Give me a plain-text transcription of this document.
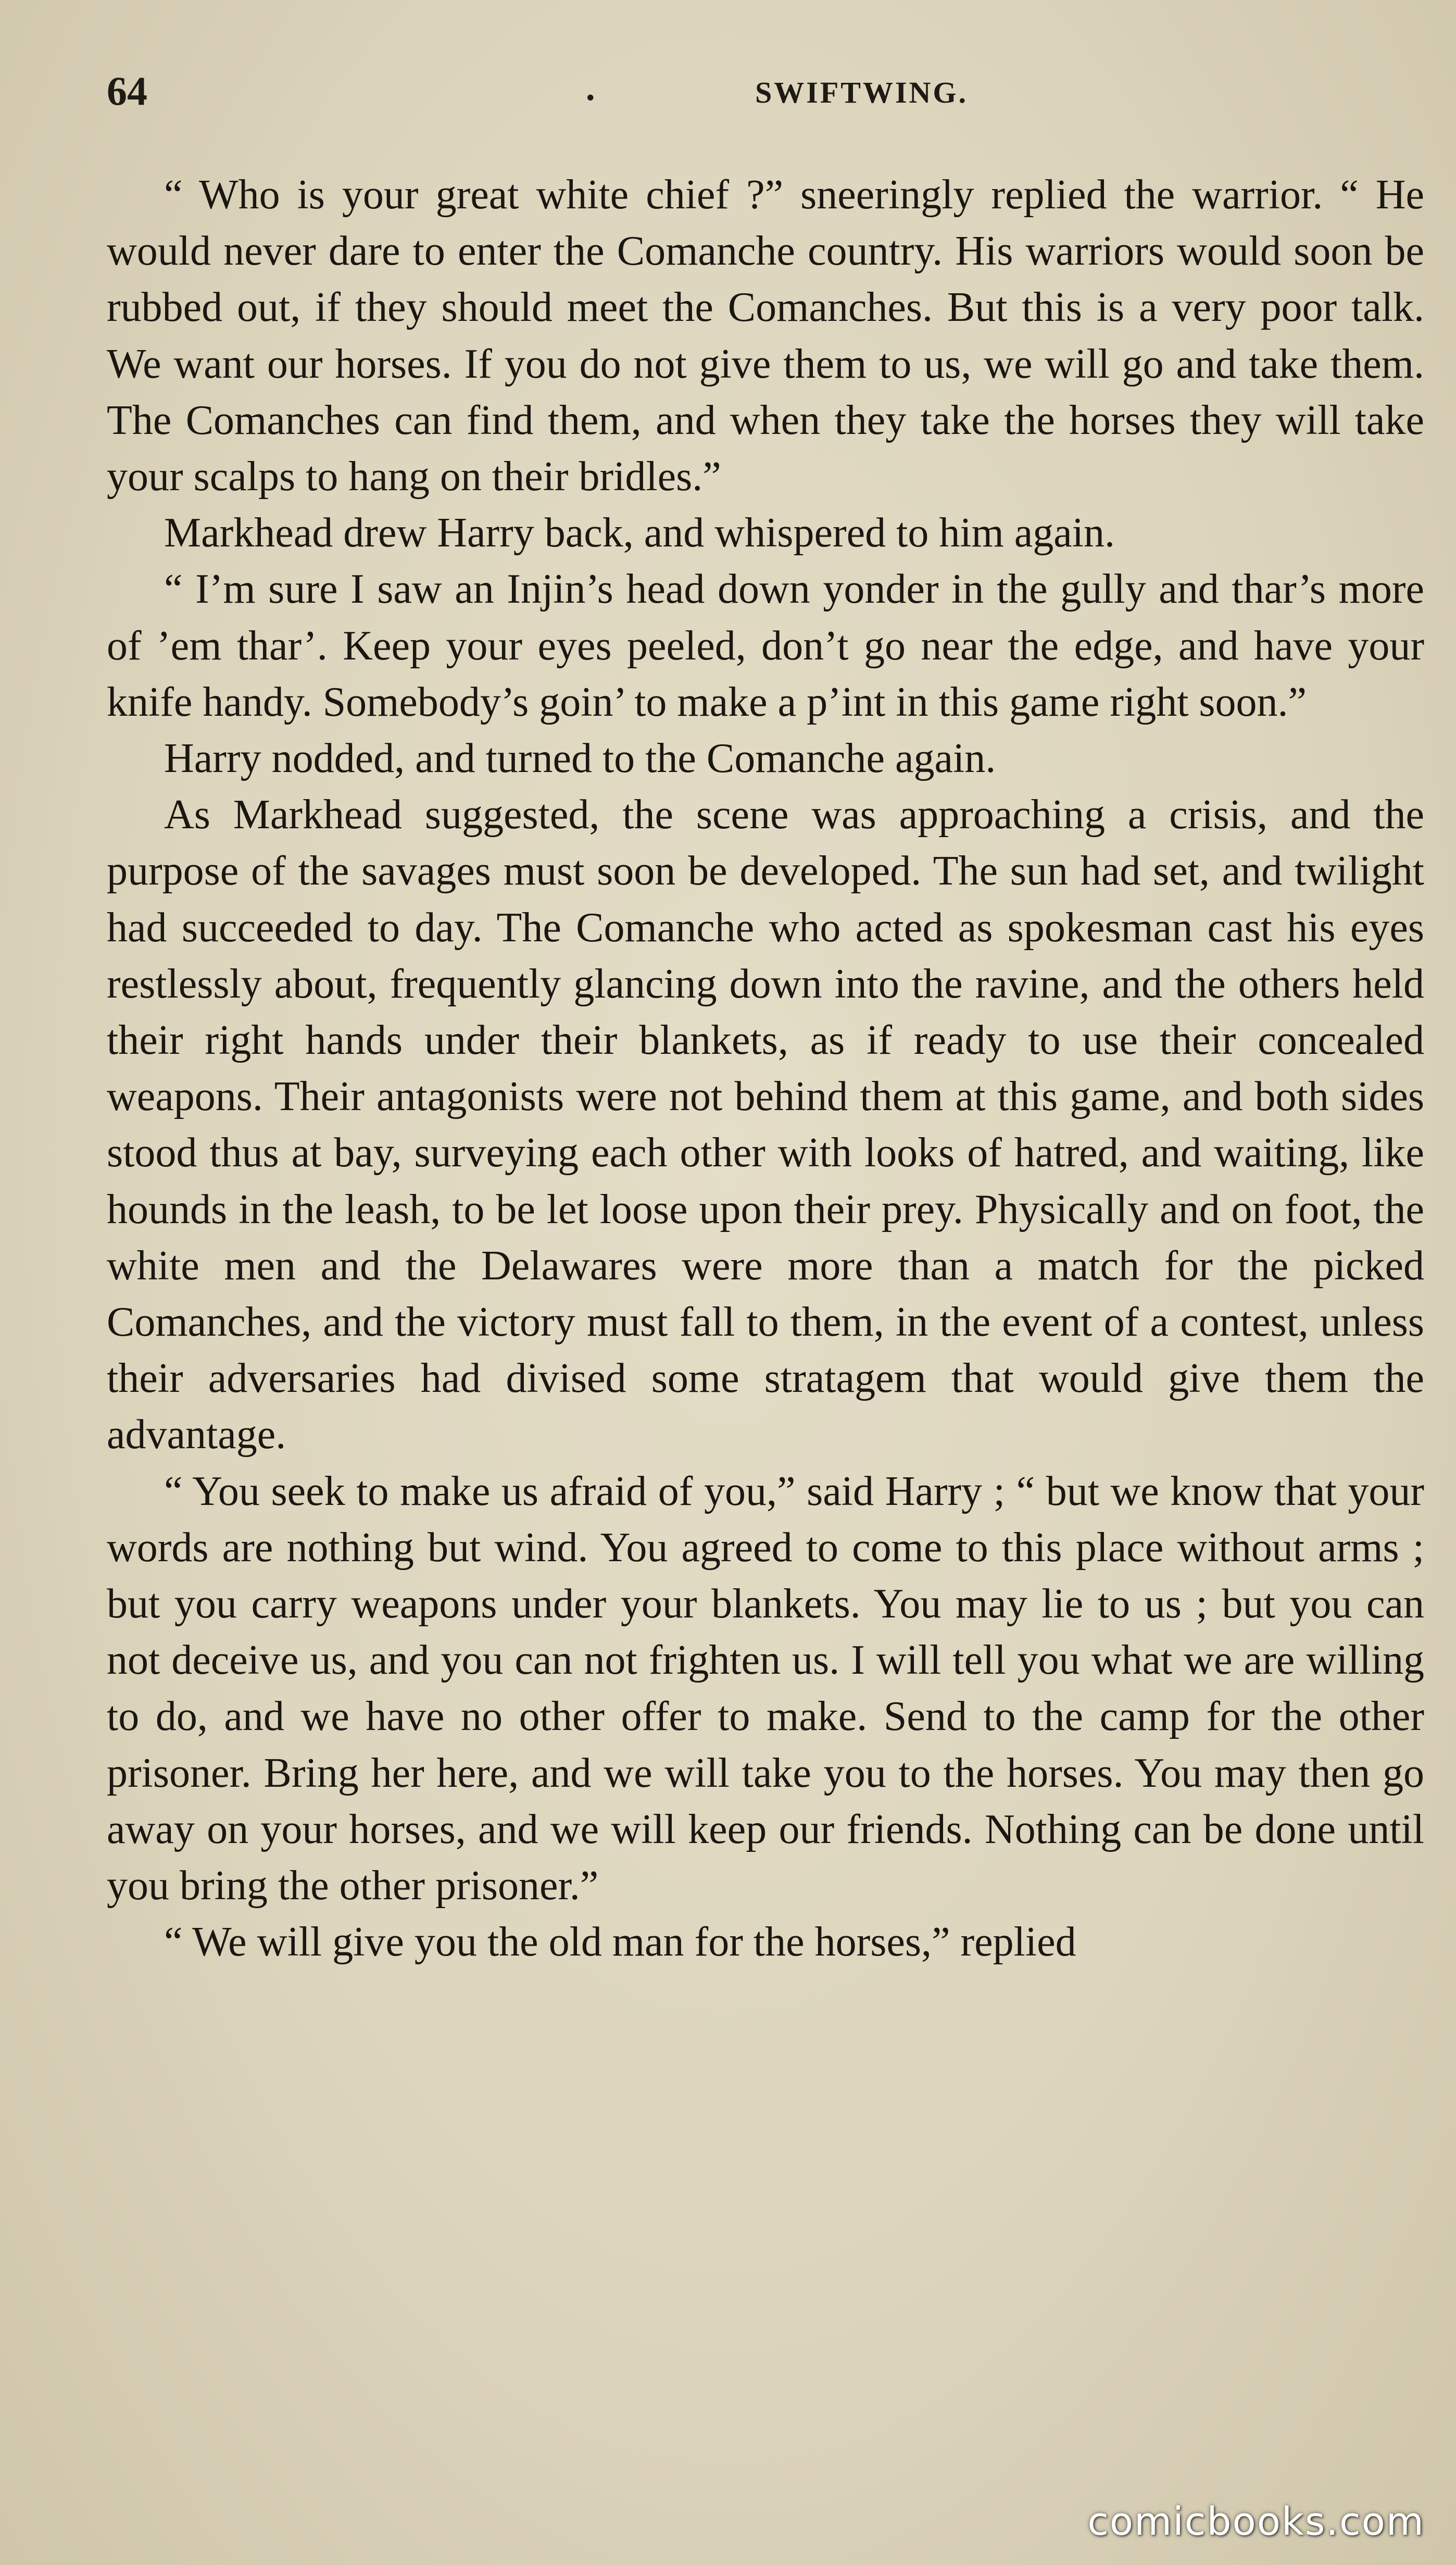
64	.	SWIFTWING.

“ Who is your great white chief ?” sneeringly replied the warrior. “ He would never dare to enter the Comanche country. His warriors would soon be rubbed out, if they should meet the Comanches. But this is a very poor talk. We want our horses. If you do not give them to us, we will go and take them. The Comanches can find them, and when they take the horses they will take your scalps to hang on their bridles.”

Markhead drew Harry back, and whispered to him again.

“ I’m sure I saw an Injin’s head down yonder in the gully and thar’s more of ’em thar’. Keep your eyes peeled, don’t go near the edge, and have your knife handy. Somebody’s goin’ to make a p’int in this game right soon.”

Harry nodded, and turned to the Comanche again.

As Markhead suggested, the scene was approaching a crisis, and the purpose of the savages must soon be developed. The sun had set, and twilight had succeeded to day. The Comanche who acted as spokesman cast his eyes restlessly about, frequently glancing down into the ravine, and the others held their right hands under their blankets, as if ready to use their concealed weapons. Their antagonists were not behind them at this game, and both sides stood thus at bay, surveying each other with looks of hatred, and waiting, like hounds in the leash, to be let loose upon their prey. Physically and on foot, the white men and the Delawares were more than a match for the picked Comanches, and the victory must fall to them, in the event of a contest, unless their adversaries had divised some stratagem that would give them the advantage.

“ You seek to make us afraid of you,” said Harry ; “ but we know that your words are nothing but wind. You agreed to come to this place without arms ; but you carry weapons under your blankets. You may lie to us ; but you can not deceive us, and you can not frighten us. I will tell you what we are willing to do, and we have no other offer to make. Send to the camp for the other prisoner. Bring her here, and we will take you to the horses. You may then go away on your horses, and we will keep our friends. Nothing can be done until you bring the other prisoner.”

“ We will give you the old man for the horses,” replied

comicbooks.com
